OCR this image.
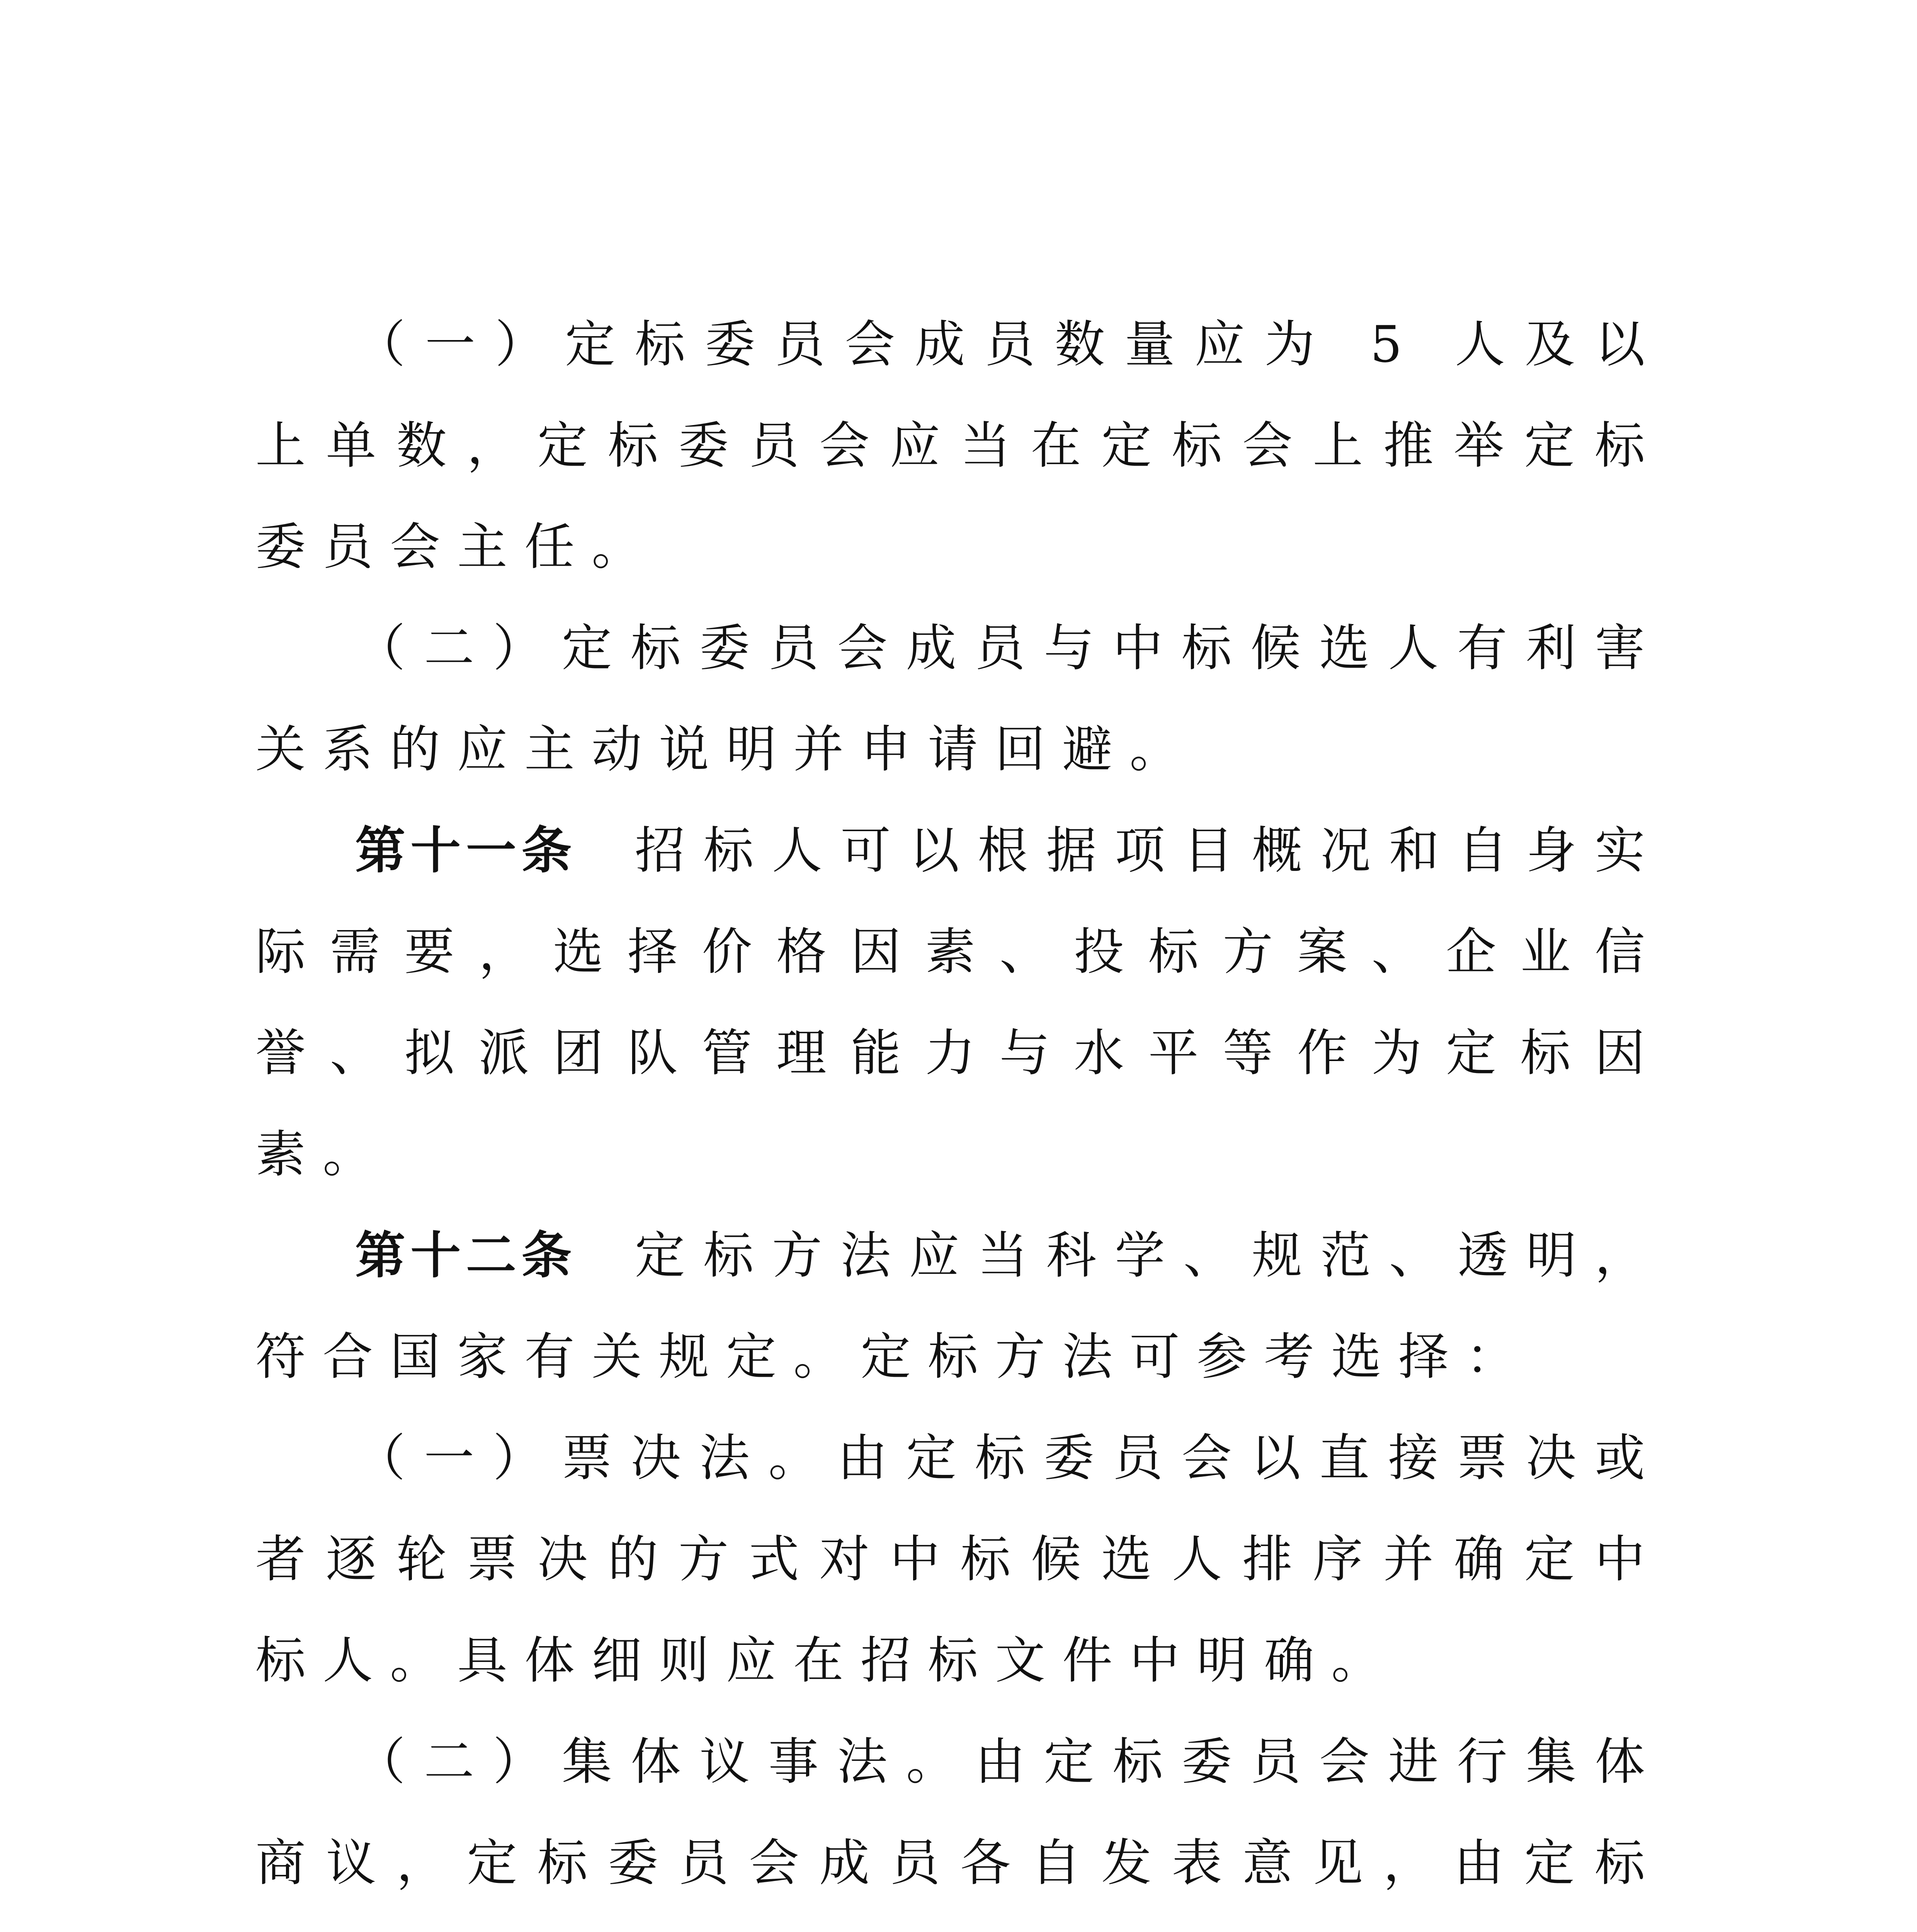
（一）定标委员会成员数量应为 5 人及以上单数，定标委员会应当在定标会上推举定标委员会主任。

（二）定标委员会成员与中标候选人有利害关系的应主动说明并申请回避。

第十一条 招标人可以根据项目概况和自身实际需要，选择价格因素、投标方案、企业信誉、拟派团队管理能力与水平等作为定标因素。

第十二条 定标方法应当科学、规范、透明，符合国家有关规定。定标方法可参考选择：

（一）票决法。由定标委员会以直接票决或者逐轮票决的方式对中标候选人排序并确定中标人。具体细则应在招标文件中明确。

（二）集体议事法。由定标委员会进行集体商议，定标委员会成员各自发表意见，由定标
